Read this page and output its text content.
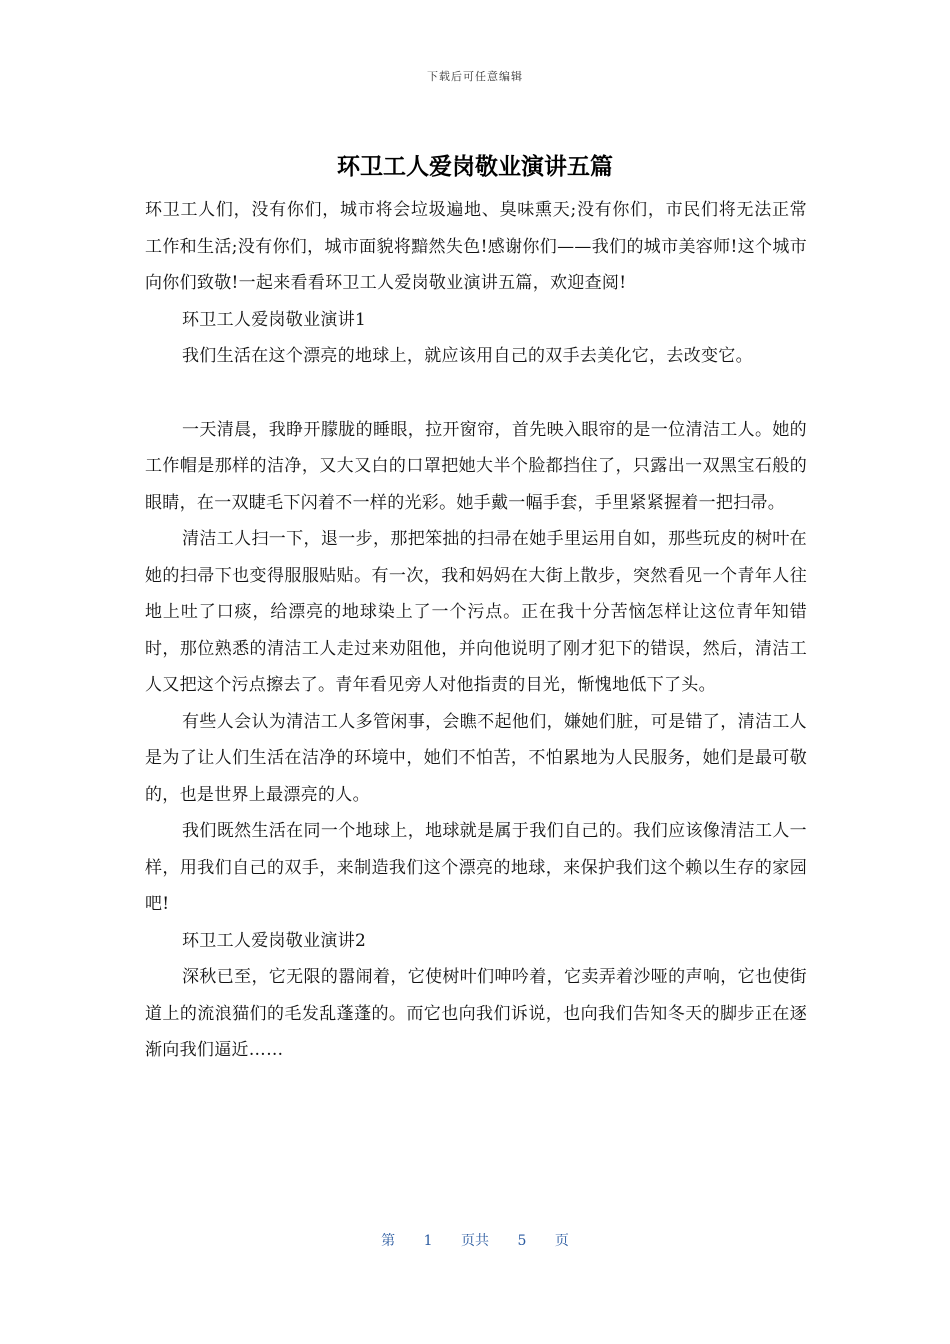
下载后可任意编辑
环卫工人爱岗敬业演讲五篇

环卫工人们，没有你们，城市将会垃圾遍地、臭味熏天;没有你们，市民们将无法正常工作和生活;没有你们，城市面貌将黯然失色!感谢你们——我们的城市美容师!这个城市向你们致敬!一起来看看环卫工人爱岗敬业演讲五篇，欢迎查阅!

环卫工人爱岗敬业演讲1

我们生活在这个漂亮的地球上，就应该用自己的双手去美化它，去改变它。

一天清晨，我睁开朦胧的睡眼，拉开窗帘，首先映入眼帘的是一位清洁工人。她的工作帽是那样的洁净，又大又白的口罩把她大半个脸都挡住了，只露出一双黑宝石般的眼睛，在一双睫毛下闪着不一样的光彩。她手戴一幅手套，手里紧紧握着一把扫帚。

清洁工人扫一下，退一步，那把笨拙的扫帚在她手里运用自如，那些玩皮的树叶在她的扫帚下也变得服服贴贴。有一次，我和妈妈在大街上散步，突然看见一个青年人往地上吐了口痰，给漂亮的地球染上了一个污点。正在我十分苦恼怎样让这位青年知错时，那位熟悉的清洁工人走过来劝阻他，并向他说明了刚才犯下的错误，然后，清洁工人又把这个污点擦去了。青年看见旁人对他指责的目光，惭愧地低下了头。

有些人会认为清洁工人多管闲事，会瞧不起他们，嫌她们脏，可是错了，清洁工人是为了让人们生活在洁净的环境中，她们不怕苦，不怕累地为人民服务，她们是最可敬的，也是世界上最漂亮的人。

我们既然生活在同一个地球上，地球就是属于我们自己的。我们应该像清洁工人一样，用我们自己的双手，来制造我们这个漂亮的地球，来保护我们这个赖以生存的家园吧!

环卫工人爱岗敬业演讲2

深秋已至，它无限的嚣闹着，它使树叶们呻吟着，它卖弄着沙哑的声响，它也使街道上的流浪猫们的毛发乱蓬蓬的。而它也向我们诉说，也向我们告知冬天的脚步正在逐渐向我们逼近……

第 1 页共 5 页
